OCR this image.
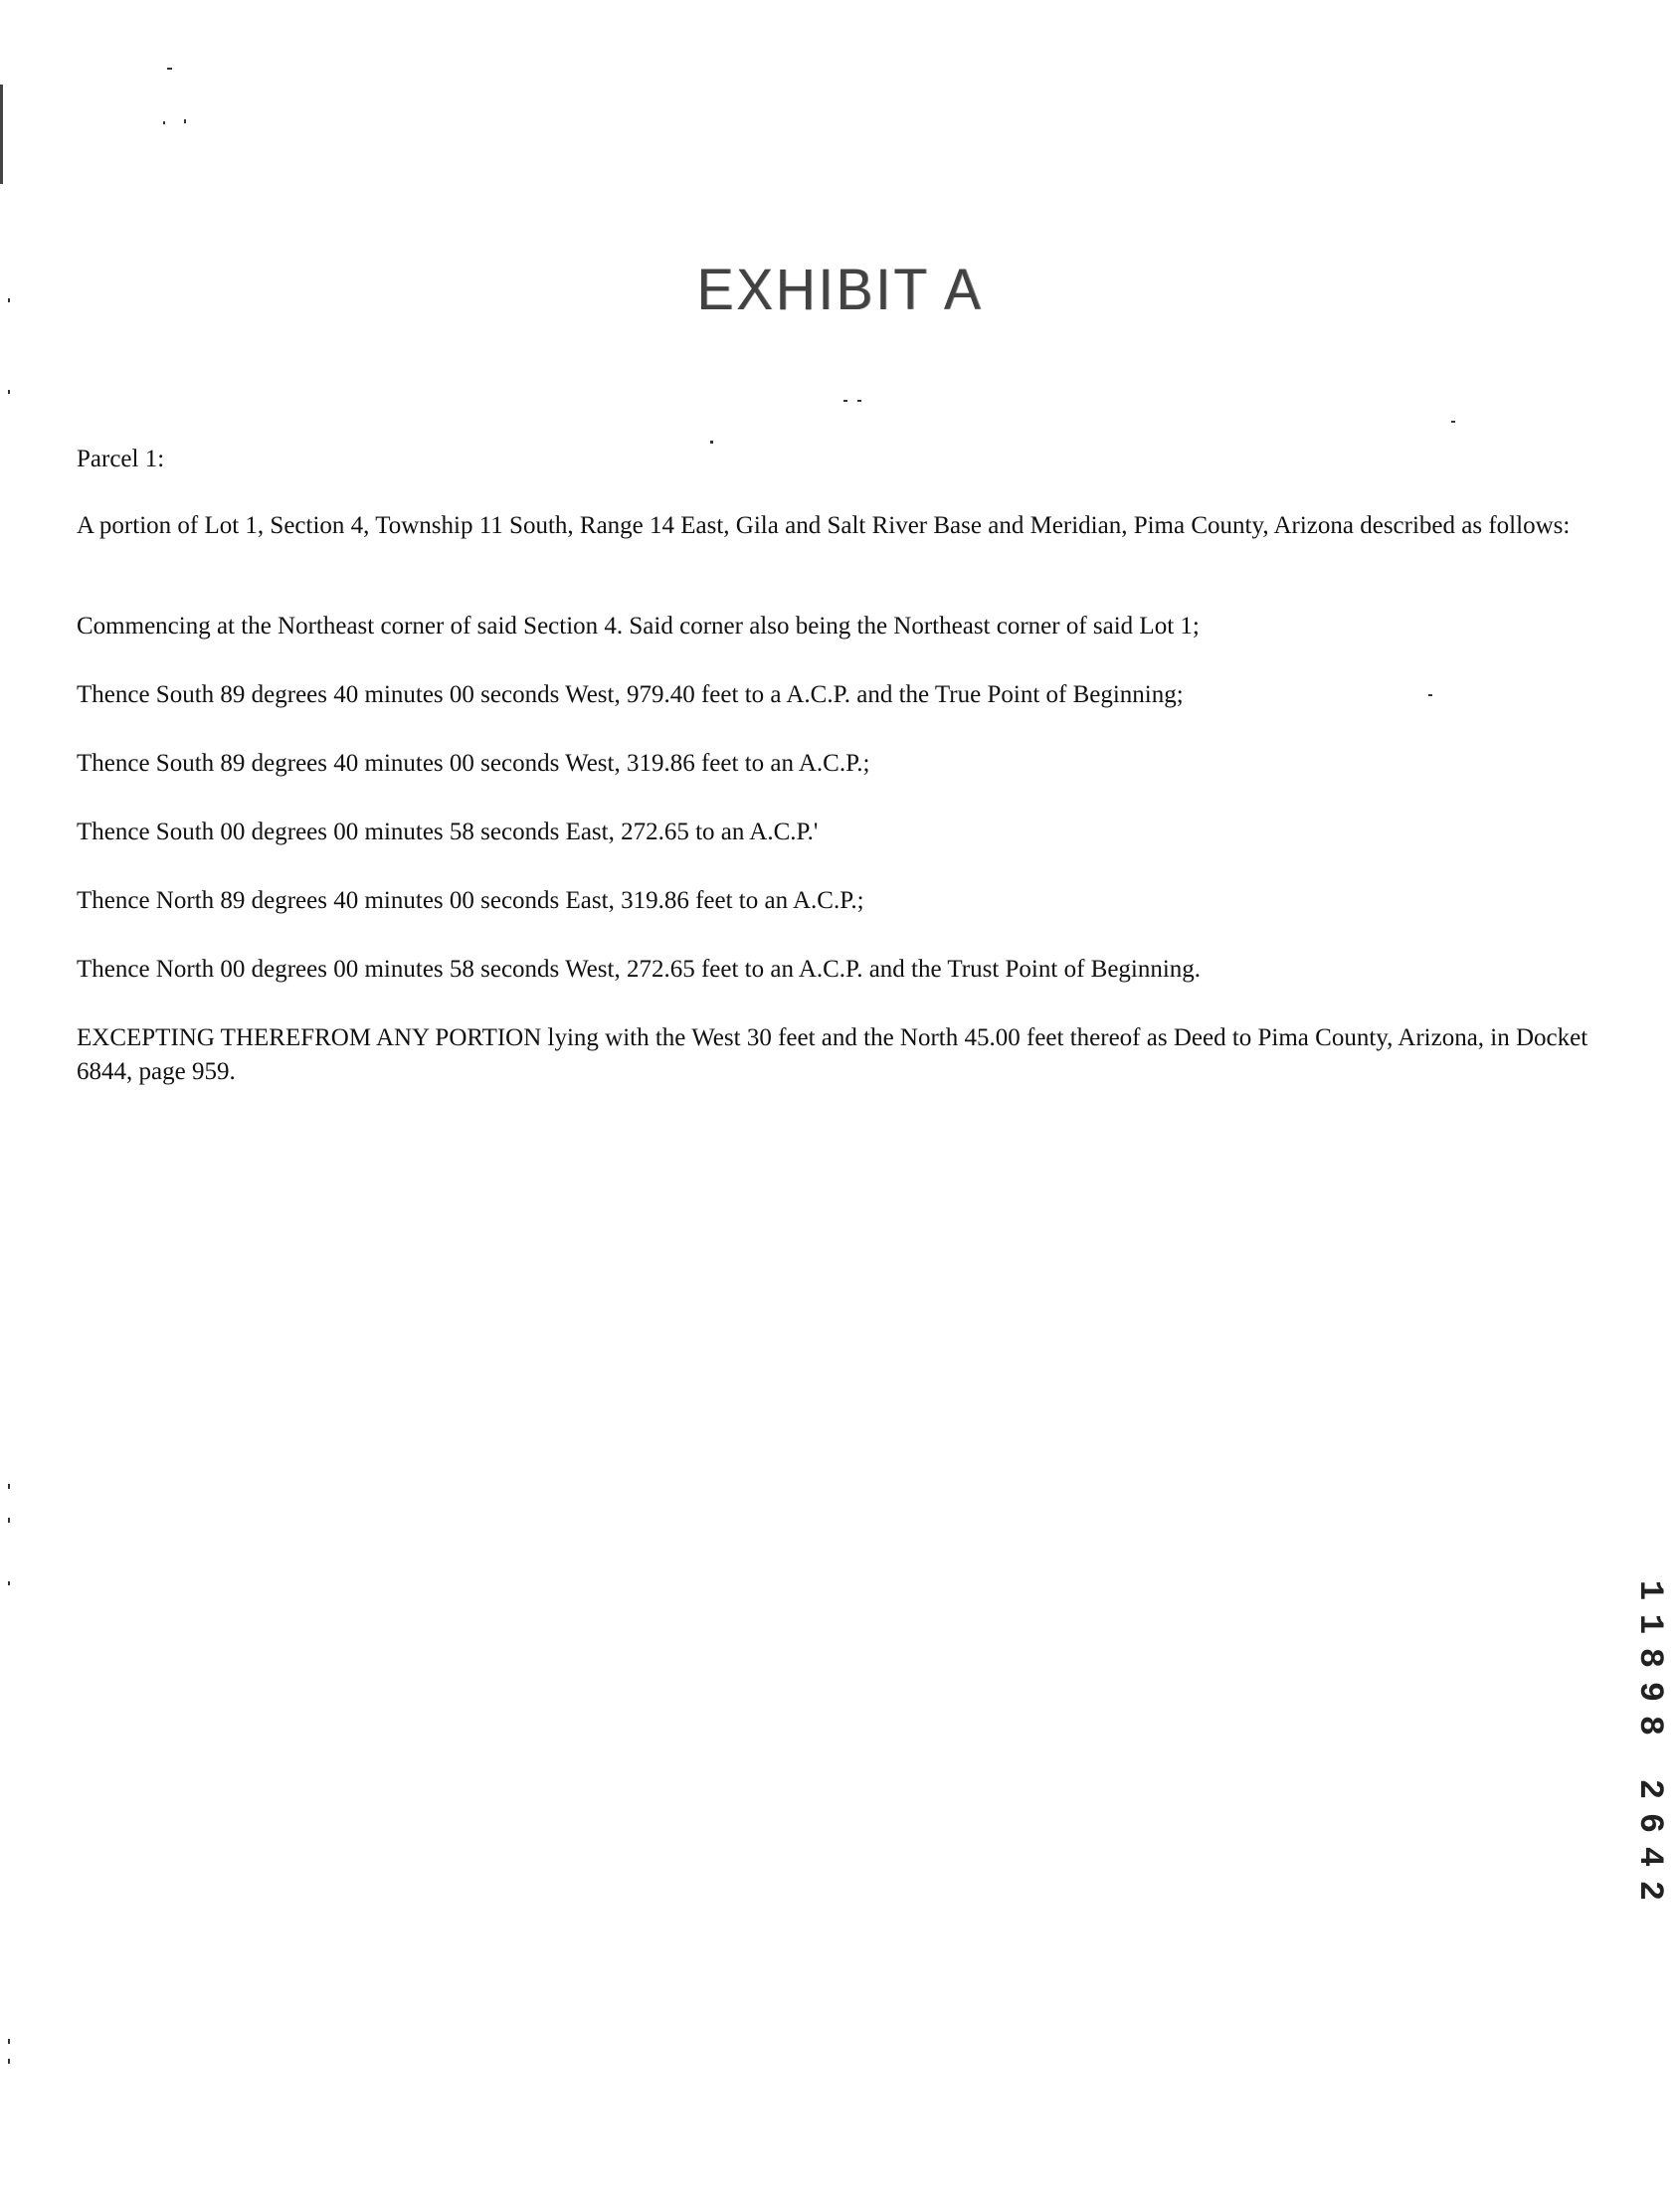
EXHIBIT A

Parcel 1:

A portion of Lot 1, Section 4, Township 11 South, Range 14 East, Gila and Salt River Base and Meridian, Pima County, Arizona described as follows:

Commencing at the Northeast corner of said Section 4. Said corner also being the Northeast corner of said Lot 1;

Thence South 89 degrees 40 minutes 00 seconds West, 979.40 feet to a A.C.P. and the True Point of Beginning;

Thence South 89 degrees 40 minutes 00 seconds West, 319.86 feet to an A.C.P.;

Thence South 00 degrees 00 minutes 58 seconds East, 272.65 to an A.C.P.'

Thence North 89 degrees 40 minutes 00 seconds East, 319.86 feet to an A.C.P.;

Thence North 00 degrees 00 minutes 58 seconds West, 272.65 feet to an A.C.P. and the Trust Point of Beginning.

EXCEPTING THEREFROM ANY PORTION lying with the West 30 feet and the North 45.00 feet thereof as Deed to Pima County, Arizona, in Docket 6844, page 959.

1
1
8
9
8
2
6
4
2
